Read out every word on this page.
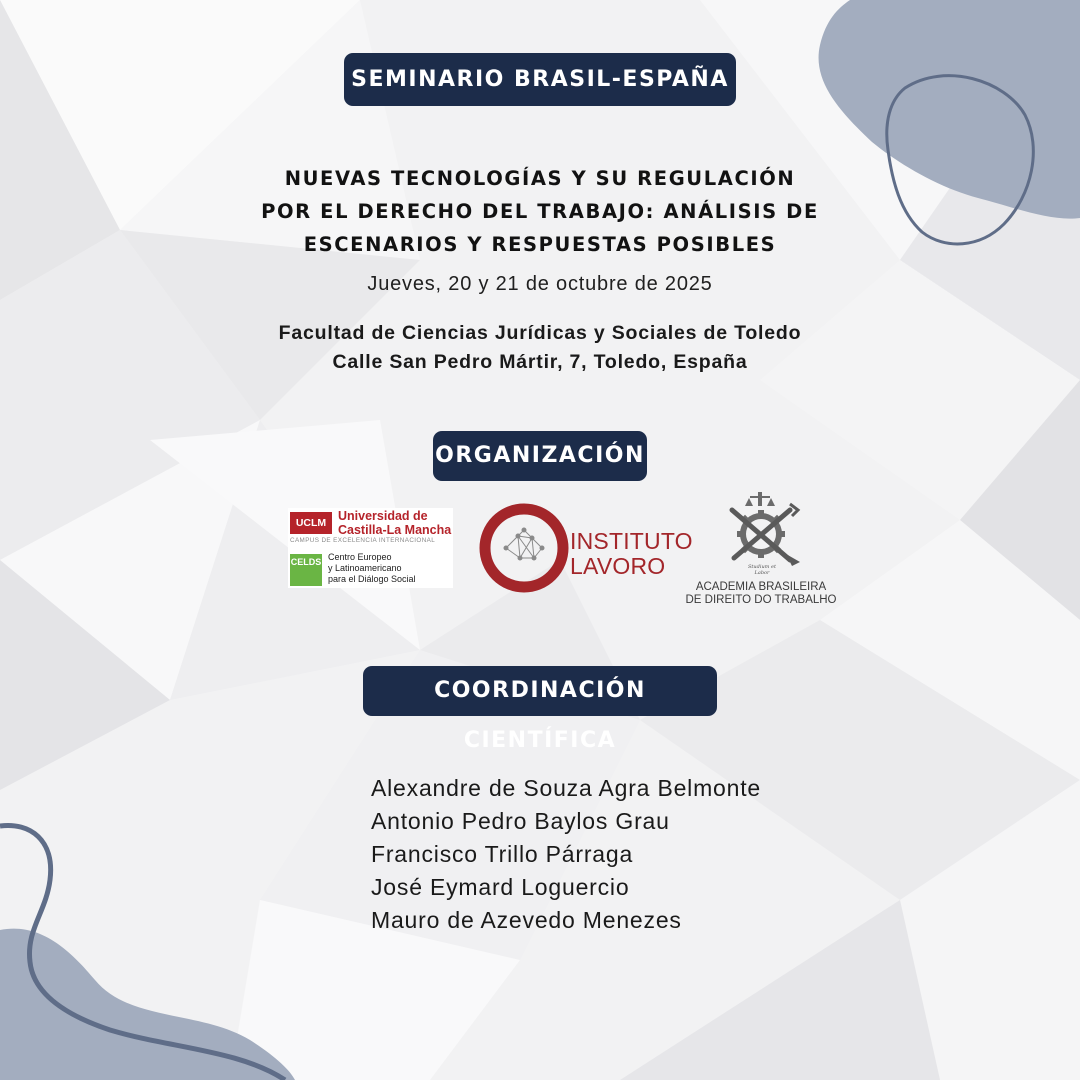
SEMINARIO BRASIL-ESPAÑA
NUEVAS TECNOLOGÍAS Y SU REGULACIÓN
POR EL DERECHO DEL TRABAJO: ANÁLISIS DE
ESCENARIOS Y RESPUESTAS POSIBLES
Jueves, 20 y 21 de octubre de 2025
Facultad de Ciencias Jurídicas y Sociales de Toledo
Calle San Pedro Mártir, 7, Toledo, España
ORGANIZACIÓN
UCLM Universidad de
Castilla-La Mancha
CAMPUS DE EXCELENCIA INTERNACIONAL
CELDS Centro Europeo
y Latinoamericano
para el Diálogo Social
INSTITUTO
LAVORO	Studium et Labor
ACADEMIA BRASILEIRA
DE DIREITO DO TRABALHO
COORDINACIÓN CIENTÍFICA
Alexandre de Souza Agra Belmonte
Antonio Pedro Baylos Grau
Francisco Trillo Párraga
José Eymard Loguercio
Mauro de Azevedo Menezes
